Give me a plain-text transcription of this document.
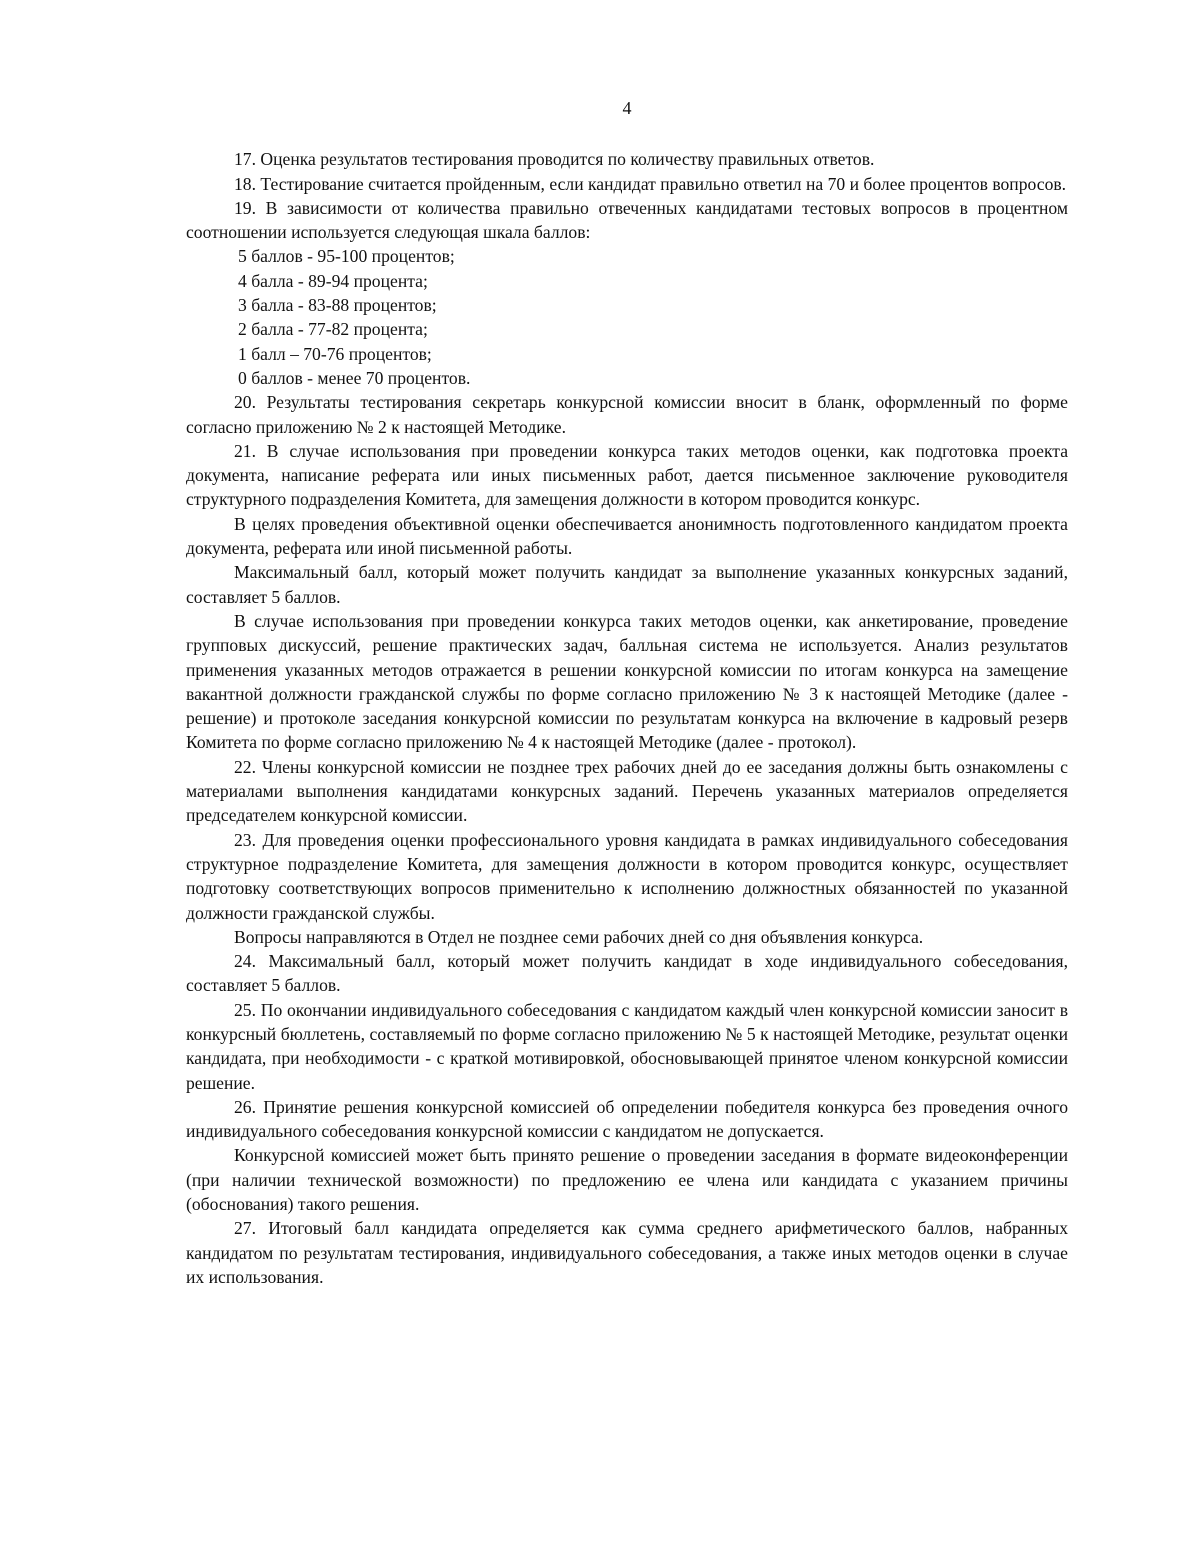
4

17. Оценка результатов тестирования проводится по количеству правильных ответов.

18. Тестирование считается пройденным, если кандидат правильно ответил на 70 и более процентов вопросов.

19. В зависимости от количества правильно отвеченных кандидатами тестовых вопросов в процентном соотношении используется следующая шкала баллов:

5 баллов - 95-100 процентов;

4 балла - 89-94 процента;

3 балла - 83-88 процентов;

2 балла - 77-82 процента;

1 балл – 70-76 процентов;

0 баллов - менее 70 процентов.

20. Результаты тестирования секретарь конкурсной комиссии вносит в бланк, оформленный по форме согласно приложению № 2 к настоящей Методике.

21. В случае использования при проведении конкурса таких методов оценки, как подготовка проекта документа, написание реферата или иных письменных работ, дается письменное заключение руководителя структурного подразделения Комитета, для замещения должности в котором проводится конкурс.

В целях проведения объективной оценки обеспечивается анонимность подготовленного кандидатом проекта документа, реферата или иной письменной работы.

Максимальный балл, который может получить кандидат за выполнение указанных конкурсных заданий, составляет 5 баллов.

В случае использования при проведении конкурса таких методов оценки, как анкетирование, проведение групповых дискуссий, решение практических задач, балльная система не используется. Анализ результатов применения указанных методов отражается в решении конкурсной комиссии по итогам конкурса на замещение вакантной должности гражданской службы по форме согласно приложению № 3 к настоящей Методике (далее - решение) и протоколе заседания конкурсной комиссии по результатам конкурса на включение в кадровый резерв Комитета по форме согласно приложению № 4 к настоящей Методике (далее - протокол).

22. Члены конкурсной комиссии не позднее трех рабочих дней до ее заседания должны быть ознакомлены с материалами выполнения кандидатами конкурсных заданий. Перечень указанных материалов определяется председателем конкурсной комиссии.

23. Для проведения оценки профессионального уровня кандидата в рамках индивидуального собеседования структурное подразделение Комитета, для замещения должности в котором проводится конкурс, осуществляет подготовку соответствующих вопросов применительно к исполнению должностных обязанностей по указанной должности гражданской службы.

Вопросы направляются в Отдел не позднее семи рабочих дней со дня объявления конкурса.

24. Максимальный балл, который может получить кандидат в ходе индивидуального собеседования, составляет 5 баллов.

25. По окончании индивидуального собеседования с кандидатом каждый член конкурсной комиссии заносит в конкурсный бюллетень, составляемый по форме согласно приложению № 5 к настоящей Методике, результат оценки кандидата, при необходимости - с краткой мотивировкой, обосновывающей принятое членом конкурсной комиссии решение.

26. Принятие решения конкурсной комиссией об определении победителя конкурса без проведения очного индивидуального собеседования конкурсной комиссии с кандидатом не допускается.

Конкурсной комиссией может быть принято решение о проведении заседания в формате видеоконференции (при наличии технической возможности) по предложению ее члена или кандидата с указанием причины (обоснования) такого решения.

27. Итоговый балл кандидата определяется как сумма среднего арифметического баллов, набранных кандидатом по результатам тестирования, индивидуального собеседования, а также иных методов оценки в случае их использования.
